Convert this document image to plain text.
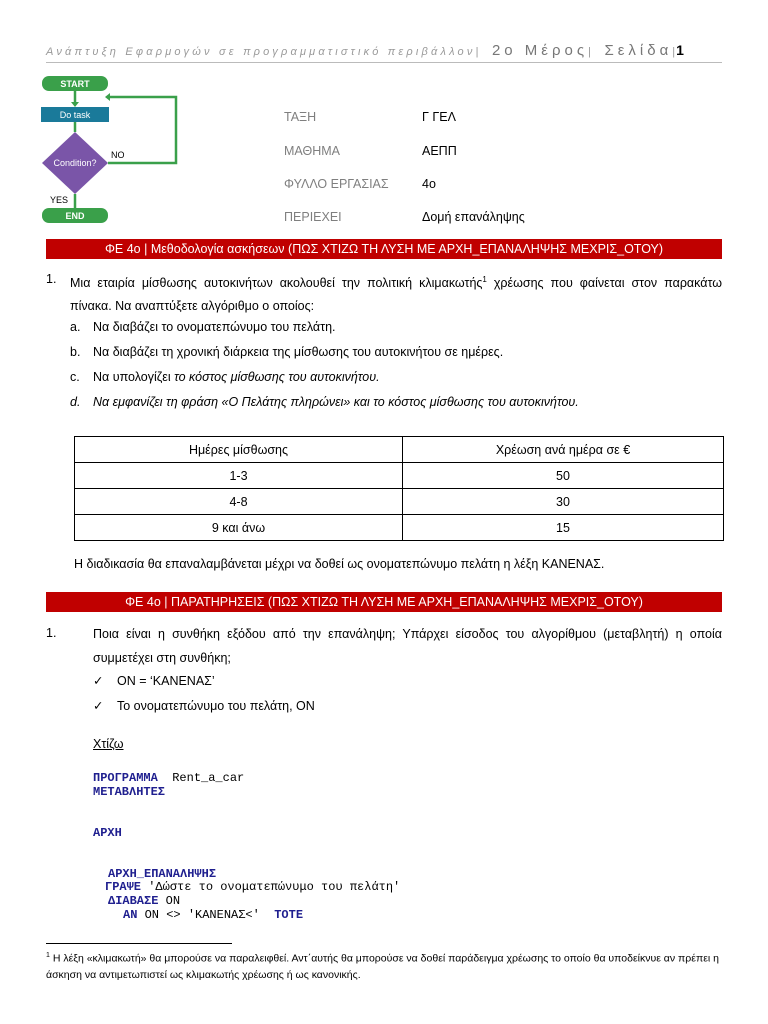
Ανάπτυξη Εφαρμογών σε προγραμματιστικό περιβάλλον| 2ο Μέρος| Σελίδα|1
START
Do task
Condition?
NO
YES
END
ΤΑΞΗ	Γ ΓΕΛ
ΜΑΘΗΜΑ	ΑΕΠΠ
ΦΥΛΛΟ ΕΡΓΑΣΙΑΣ	4ο
ΠΕΡΙΕΧΕΙ	Δομή επανάληψης
ΦΕ 4ο | Μεθοδολογία ασκήσεων (ΠΩΣ ΧΤΙΖΩ ΤΗ ΛΥΣΗ ΜΕ ΑΡΧΗ_ΕΠΑΝΑΛΗΨΗΣ ΜΕΧΡΙΣ_ΟΤΟΥ)
1.	Μια εταιρία μίσθωσης αυτοκινήτων ακολουθεί την πολιτική κλιμακωτής$^1$ χρέωσης που φαίνεται στον παρακάτω πίνακα. Να αναπτύξετε αλγόριθμο ο οποίος:
a. Να διαβάζει το ονοματεπώνυμο του πελάτη.
b. Να διαβάζει τη χρονική διάρκεια της μίσθωσης του αυτοκινήτου σε ημέρες.
c. Να υπολογίζει το κόστος μίσθωσης του αυτοκινήτου.
d. Να εμφανίζει τη φράση «Ο Πελάτης πληρώνει» και το κόστος μίσθωσης του αυτοκινήτου.
Ημέρες μίσθωσης	Χρέωση ανά ημέρα σε €
1-3	50
4-8	30
9 και άνω	15
Η διαδικασία θα επαναλαμβάνεται μέχρι να δοθεί ως ονοματεπώνυμο πελάτη η λέξη ΚΑΝΕΝΑΣ.
ΦΕ 4ο | ΠΑΡΑΤΗΡΗΣΕΙΣ (ΠΩΣ ΧΤΙΖΩ ΤΗ ΛΥΣΗ ΜΕ ΑΡΧΗ_ΕΠΑΝΑΛΗΨΗΣ ΜΕΧΡΙΣ_ΟΤΟΥ)
1.	Ποια είναι η συνθήκη εξόδου από την επανάληψη; Υπάρχει είσοδος του αλγορίθμου (μεταβλητή) η οποία συμμετέχει στη συνθήκη;
✓ ΟΝ = ‘ΚΑΝΕΝΑΣ’
✓ Το ονοματεπώνυμο του πελάτη, ΟΝ
Χτίζω
ΠΡΟΓΡΑΜΜΑ Rent_a_car
ΜΕΤΑΒΛΗΤΕΣ
ΑΡΧΗ
ΑΡΧΗ_ΕΠΑΝΑΛΗΨΗΣ
ΓΡΑΨΕ 'Δώστε το ονοματεπώνυμο του πελάτη'
ΔΙΑΒΑΣΕ ΟΝ
ΑΝ ΟΝ <> 'ΚΑΝΕΝΑΣ<' ΤΟΤΕ
$^1$ Η λέξη «κλιμακωτή» θα μπορούσε να παραλειφθεί. Αντ΄αυτής θα μπορούσε να δοθεί παράδειγμα χρέωσης το οποίο θα υποδείκνυε αν πρέπει η άσκηση να αντιμετωπιστεί ως κλιμακωτής χρέωσης ή ως κανονικής.
